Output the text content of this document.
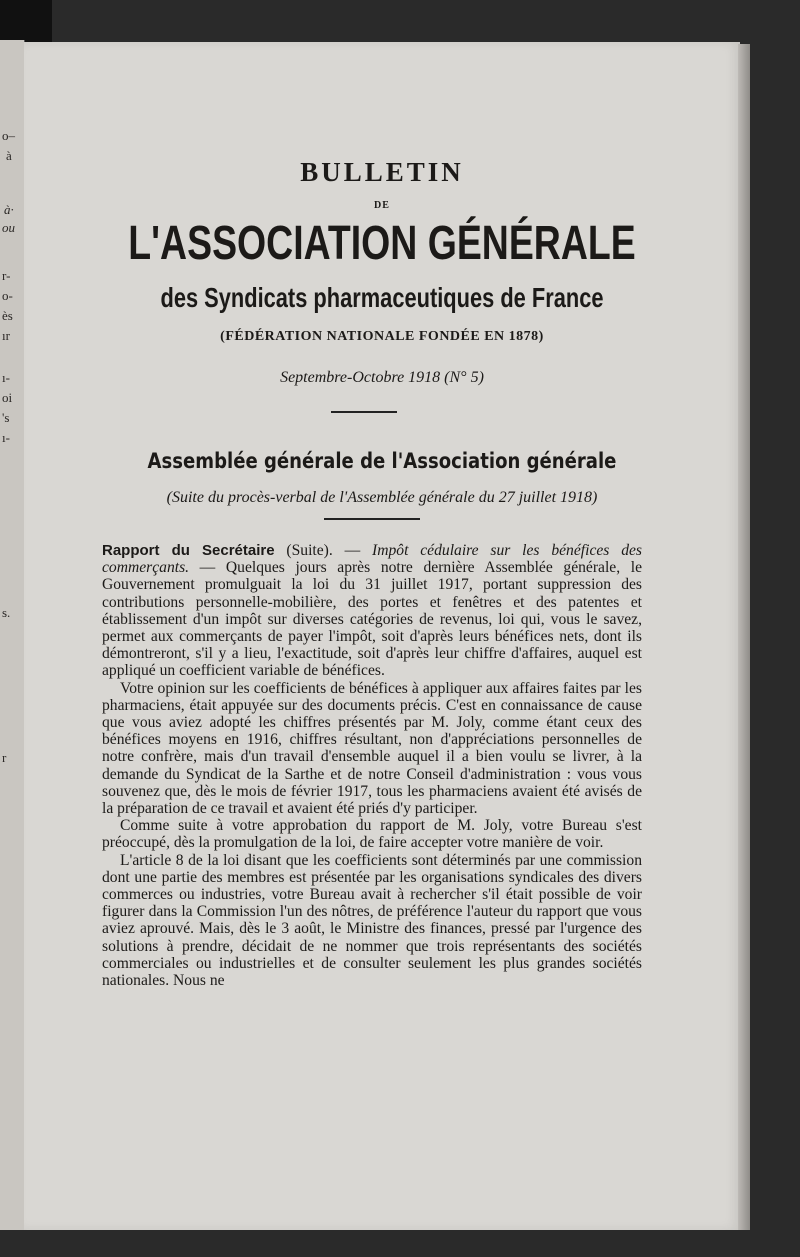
o–
à
à·
ou
r-
o-
ès
ır
ı-
oi
's
ı-
s.
r
BULLETIN
DE
L'ASSOCIATION GÉNÉRALE
des Syndicats pharmaceutiques de France
(FÉDÉRATION NATIONALE FONDÉE EN 1878)
Septembre-Octobre 1918 (N° 5)
Assemblée générale de l'Association générale
(Suite du procès-verbal de l'Assemblée générale du 27 juillet 1918)

Rapport du Secrétaire (Suite). — Impôt cédulaire sur les bénéfices des commerçants. — Quelques jours après notre dernière Assemblée générale, le Gouvernement promulguait la loi du 31 juillet 1917, portant suppression des contributions personnelle-mobilière, des portes et fenêtres et des patentes et établissement d'un impôt sur diverses catégories de revenus, loi qui, vous le savez, permet aux commerçants de payer l'impôt, soit d'après leurs bénéfices nets, dont ils démontreront, s'il y a lieu, l'exactitude, soit d'après leur chiffre d'affaires, auquel est appliqué un coefficient variable de bénéfices.

Votre opinion sur les coefficients de bénéfices à appliquer aux affaires faites par les pharmaciens, était appuyée sur des documents précis. C'est en connaissance de cause que vous aviez adopté les chiffres présentés par M. Joly, comme étant ceux des bénéfices moyens en 1916, chiffres résultant, non d'appréciations personnelles de notre confrère, mais d'un travail d'ensemble auquel il a bien voulu se livrer, à la demande du Syndicat de la Sarthe et de notre Conseil d'administration : vous vous souvenez que, dès le mois de février 1917, tous les pharmaciens avaient été avisés de la préparation de ce travail et avaient été priés d'y participer.

Comme suite à votre approbation du rapport de M. Joly, votre Bureau s'est préoccupé, dès la promulgation de la loi, de faire accepter votre manière de voir.

L'article 8 de la loi disant que les coefficients sont déterminés par une commission dont une partie des membres est présentée par les organisations syndicales des divers commerces ou industries, votre Bureau avait à rechercher s'il était possible de voir figurer dans la Commission l'un des nôtres, de préférence l'auteur du rapport que vous aviez aprouvé. Mais, dès le 3 août, le Ministre des finances, pressé par l'urgence des solutions à prendre, décidait de ne nommer que trois représentants des sociétés commerciales ou industrielles et de consulter seulement les plus grandes sociétés nationales. Nous ne
